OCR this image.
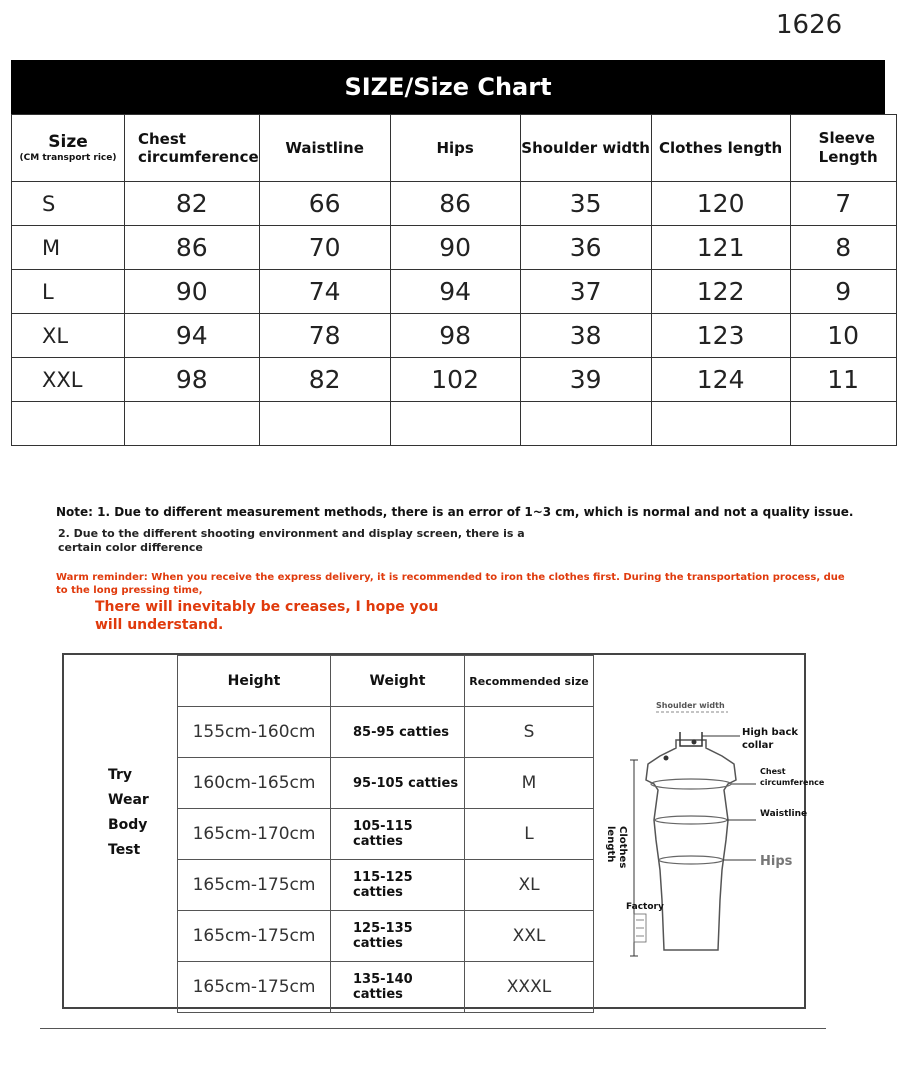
1626
SIZE/Size Chart
Size
(CM transport rice)	Chest circumference	Waistline	Hips	Shoulder width	Clothes length	Sleeve Length
S	82	66	86	35	120	7
M	86	70	90	36	121	8
L	90	74	94	37	122	9
XL	94	78	98	38	123	10
XXL	98	82	102	39	124	11

Note: 1. Due to different measurement methods, there is an error of 1~3 cm, which is normal and not a quality issue.
2. Due to the different shooting environment and display screen, there is a certain color difference
Warm reminder: When you receive the express delivery, it is recommended to iron the clothes first. During the transportation process, due to the long pressing time,
There will inevitably be creases, I hope you will understand.
Try
Wear
Body
Test
Height	Weight	Recommended size
155cm-160cm	85-95 catties	S
160cm-165cm	95-105 catties	M
165cm-170cm	105-115 catties	L
165cm-175cm	115-125 catties	XL
165cm-175cm	125-135 catties	XXL
165cm-175cm	135-140 catties	XXXL
Shoulder width
High back
collar
Chest
circumference
Waistline
Hips
Clothes
length
Factory
